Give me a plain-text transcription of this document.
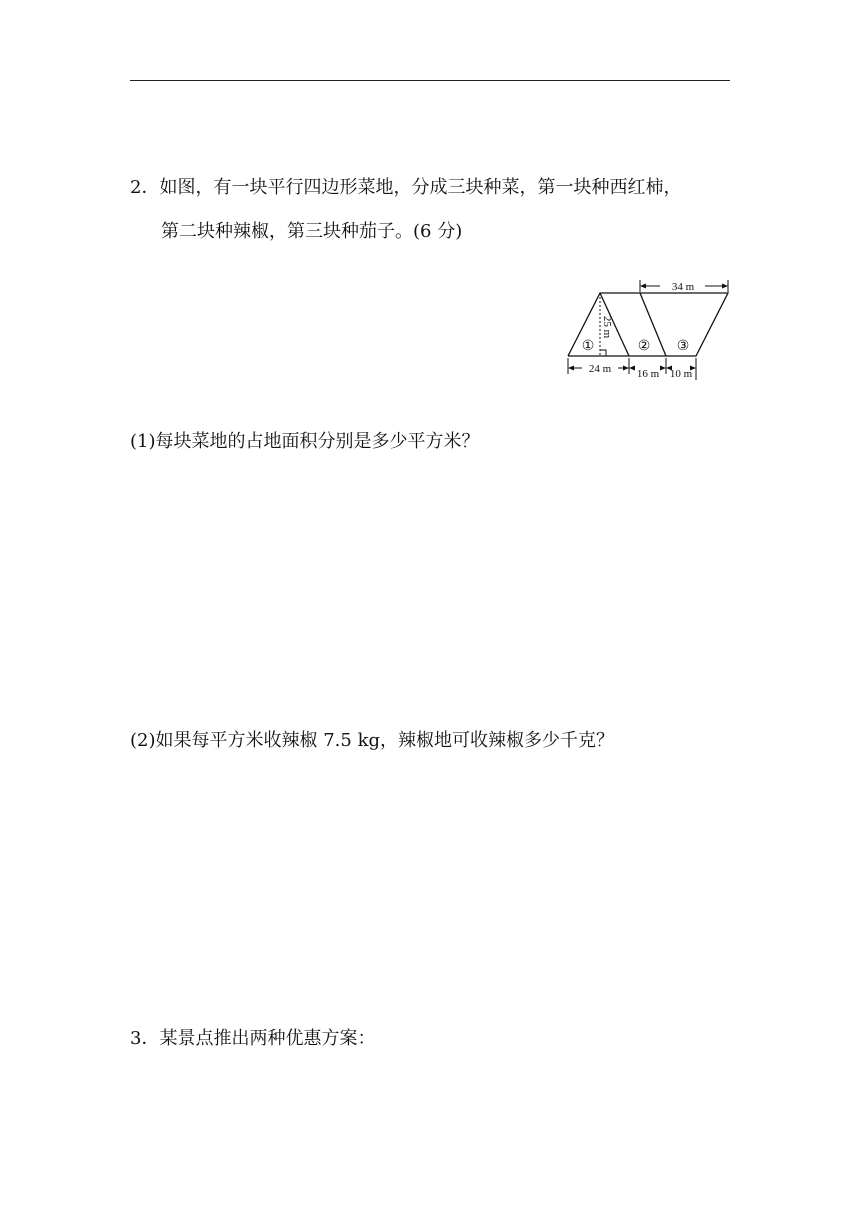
2．如图，有一块平行四边形菜地，分成三块种菜，第一块种西红柿，
第二块种辣椒，第三块种茄子。(6 分)
34 m
25 m
24 m 16 m 10 m
①	② ③
(1)每块菜地的占地面积分别是多少平方米？
(2)如果每平方米收辣椒 7.5 kg，辣椒地可收辣椒多少千克？
3．某景点推出两种优惠方案：
